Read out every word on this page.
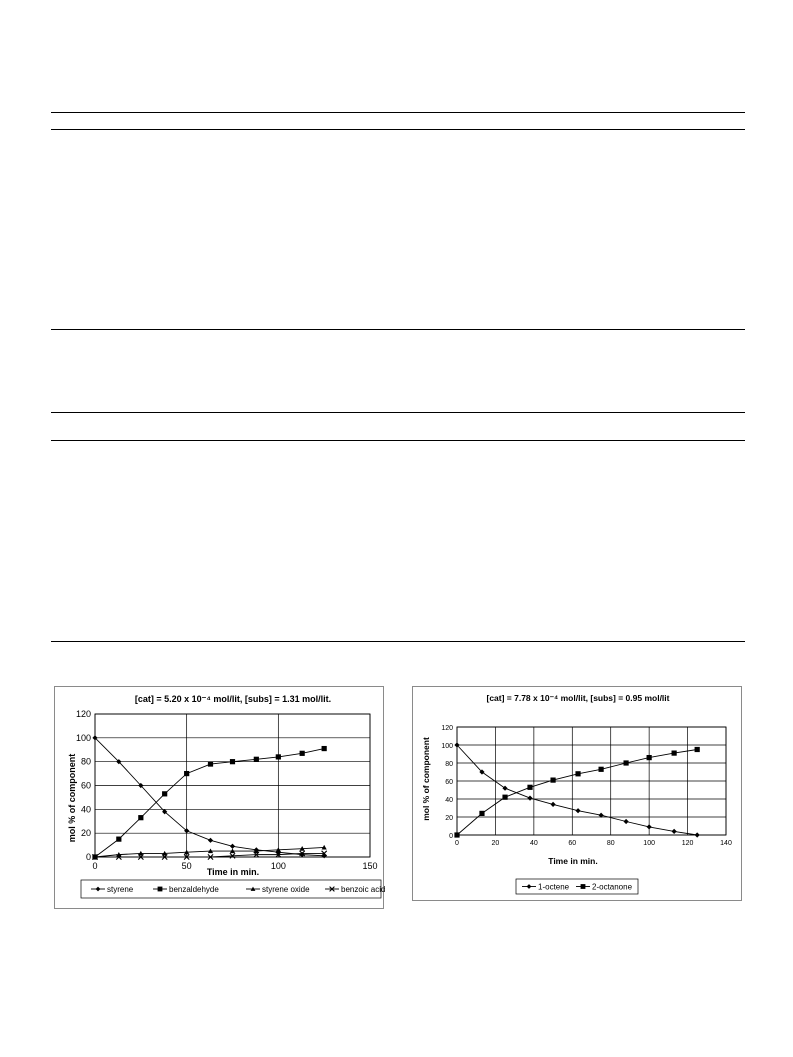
[cat] = 5.20 x 10⁻⁴ mol/lit, [subs] = 1.31 mol/lit.
mol % of component
Time in min.
styrene	benzaldehyde	styrene oxide	benzoic acid
0
20
40
60
80
100
120
0	50	100	150
[cat] = 7.78 x 10⁻⁴ mol/lit, [subs] = 0.95 mol/lit
mol % of component
Time in min.
1-octene	2-octanone
0
20
40
60
80
100
120
0	20	40	60	80	100	120	140
